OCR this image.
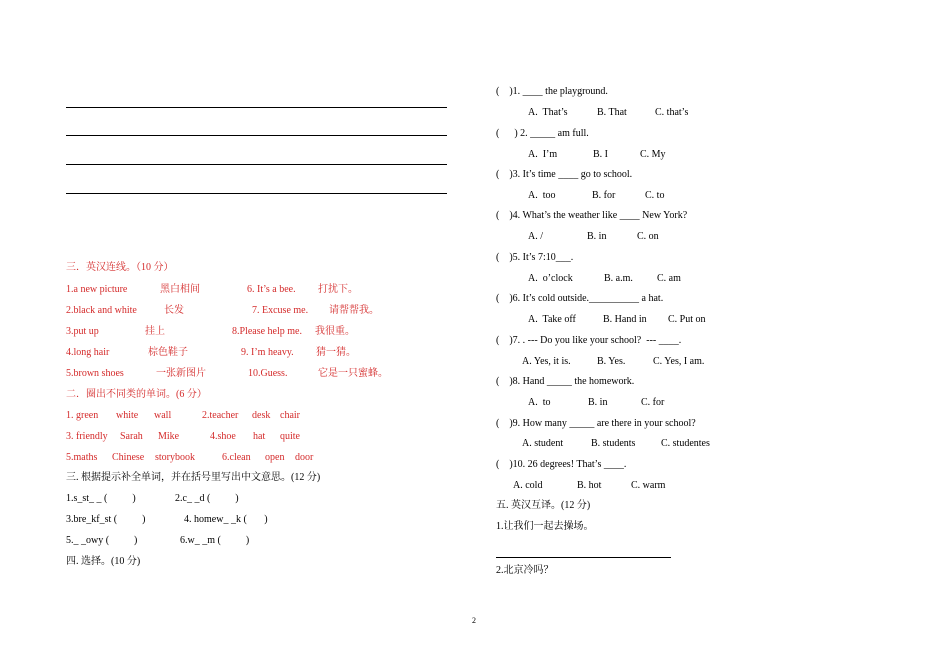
三．英汉连线。（10 分）
1.a new picture	黑白相间	6. It’s a bee. 打扰下。
2.black and white	长发	7. Excuse me. 请帮帮我。
3.put up	挂上	8.Please help me. 我很重。
4.long hair	棕色鞋子	9. I’m heavy. 猜一猜。
5.brown shoes	一张新图片	10.Guess.	它是一只蜜蜂。
二．圈出不同类的单词。(6 分）
1. green white wall	2.teacher desk chair
3. friendly Sarah Mike	4.shoe hat quite
5.maths Chinese storybook	6.clean open door
三. 根据提示补全单词，并在括号里写出中文意思。(12 分)
1.s_st_ _ (          )	2.c_ _d (          )
3.bre_kf_st (          )	4. homew_ _k (       )
5._ _owy (          )	6.w_ _m (          )
四. 选择。(10 分)
(    )1. ____ the playground.
A.  That’s	B. That	C. that’s
(      ) 2. _____ am full.
A.  I’m	B. I	C. My
(    )3. It’s time ____ go to school.
A.  too	B. for	C. to
(    )4. What’s the weather like ____ New York?
A. /	B. in	C. on
(    )5. It’s 7:10___.
A.  o’clock	B. a.m. C. am
(    )6. It’s cold outside.__________ a hat.
A.  Take off	B. Hand in C. Put on
(    )7. . --- Do you like your school?  --- ____.
A. Yes, it is.	B. Yes.	C. Yes, I am.
(    )8. Hand _____ the homework.
A.  to	B. in	C. for
(    )9. How many _____ are there in your school?
A. student	B. students	C. studentes
(    )10. 26 degrees! That’s ____.
A. cold	B. hot	C. warm
五. 英汉互译。(12 分)
1.让我们一起去操场。
2.北京冷吗？
2
